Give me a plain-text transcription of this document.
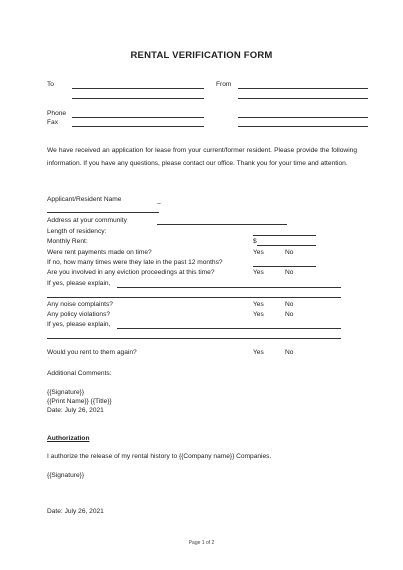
RENTAL VERIFICATION FORM
To	From
Phone
Fax
We have received an application for lease from your current/former resident. Please provide the following information. If you have any questions, please contact our office. Thank you for your time and attention.
Applicant/Resident Name	_
Address at your community
Length of residency:
Monthly Rent:	$
Were rent payments made on time?	Yes	No
If no, how many times were they late in the past 12 months?
Are you involved in any eviction proceedings at this time?	Yes	No
If yes, please explain,
Any noise complaints?	Yes	No
Any policy violations?	Yes	No
If yes, please explain,
Would you rent to them again?	Yes	No
Additional Comments:
{{Signature}}
{{Print Name}} {{Title}}
Date: July 26, 2021
Authorization
I authorize the release of my rental history to {{Company name}} Companies.
{{Signature}}
Date: July 26, 2021
Page 1 of 2
